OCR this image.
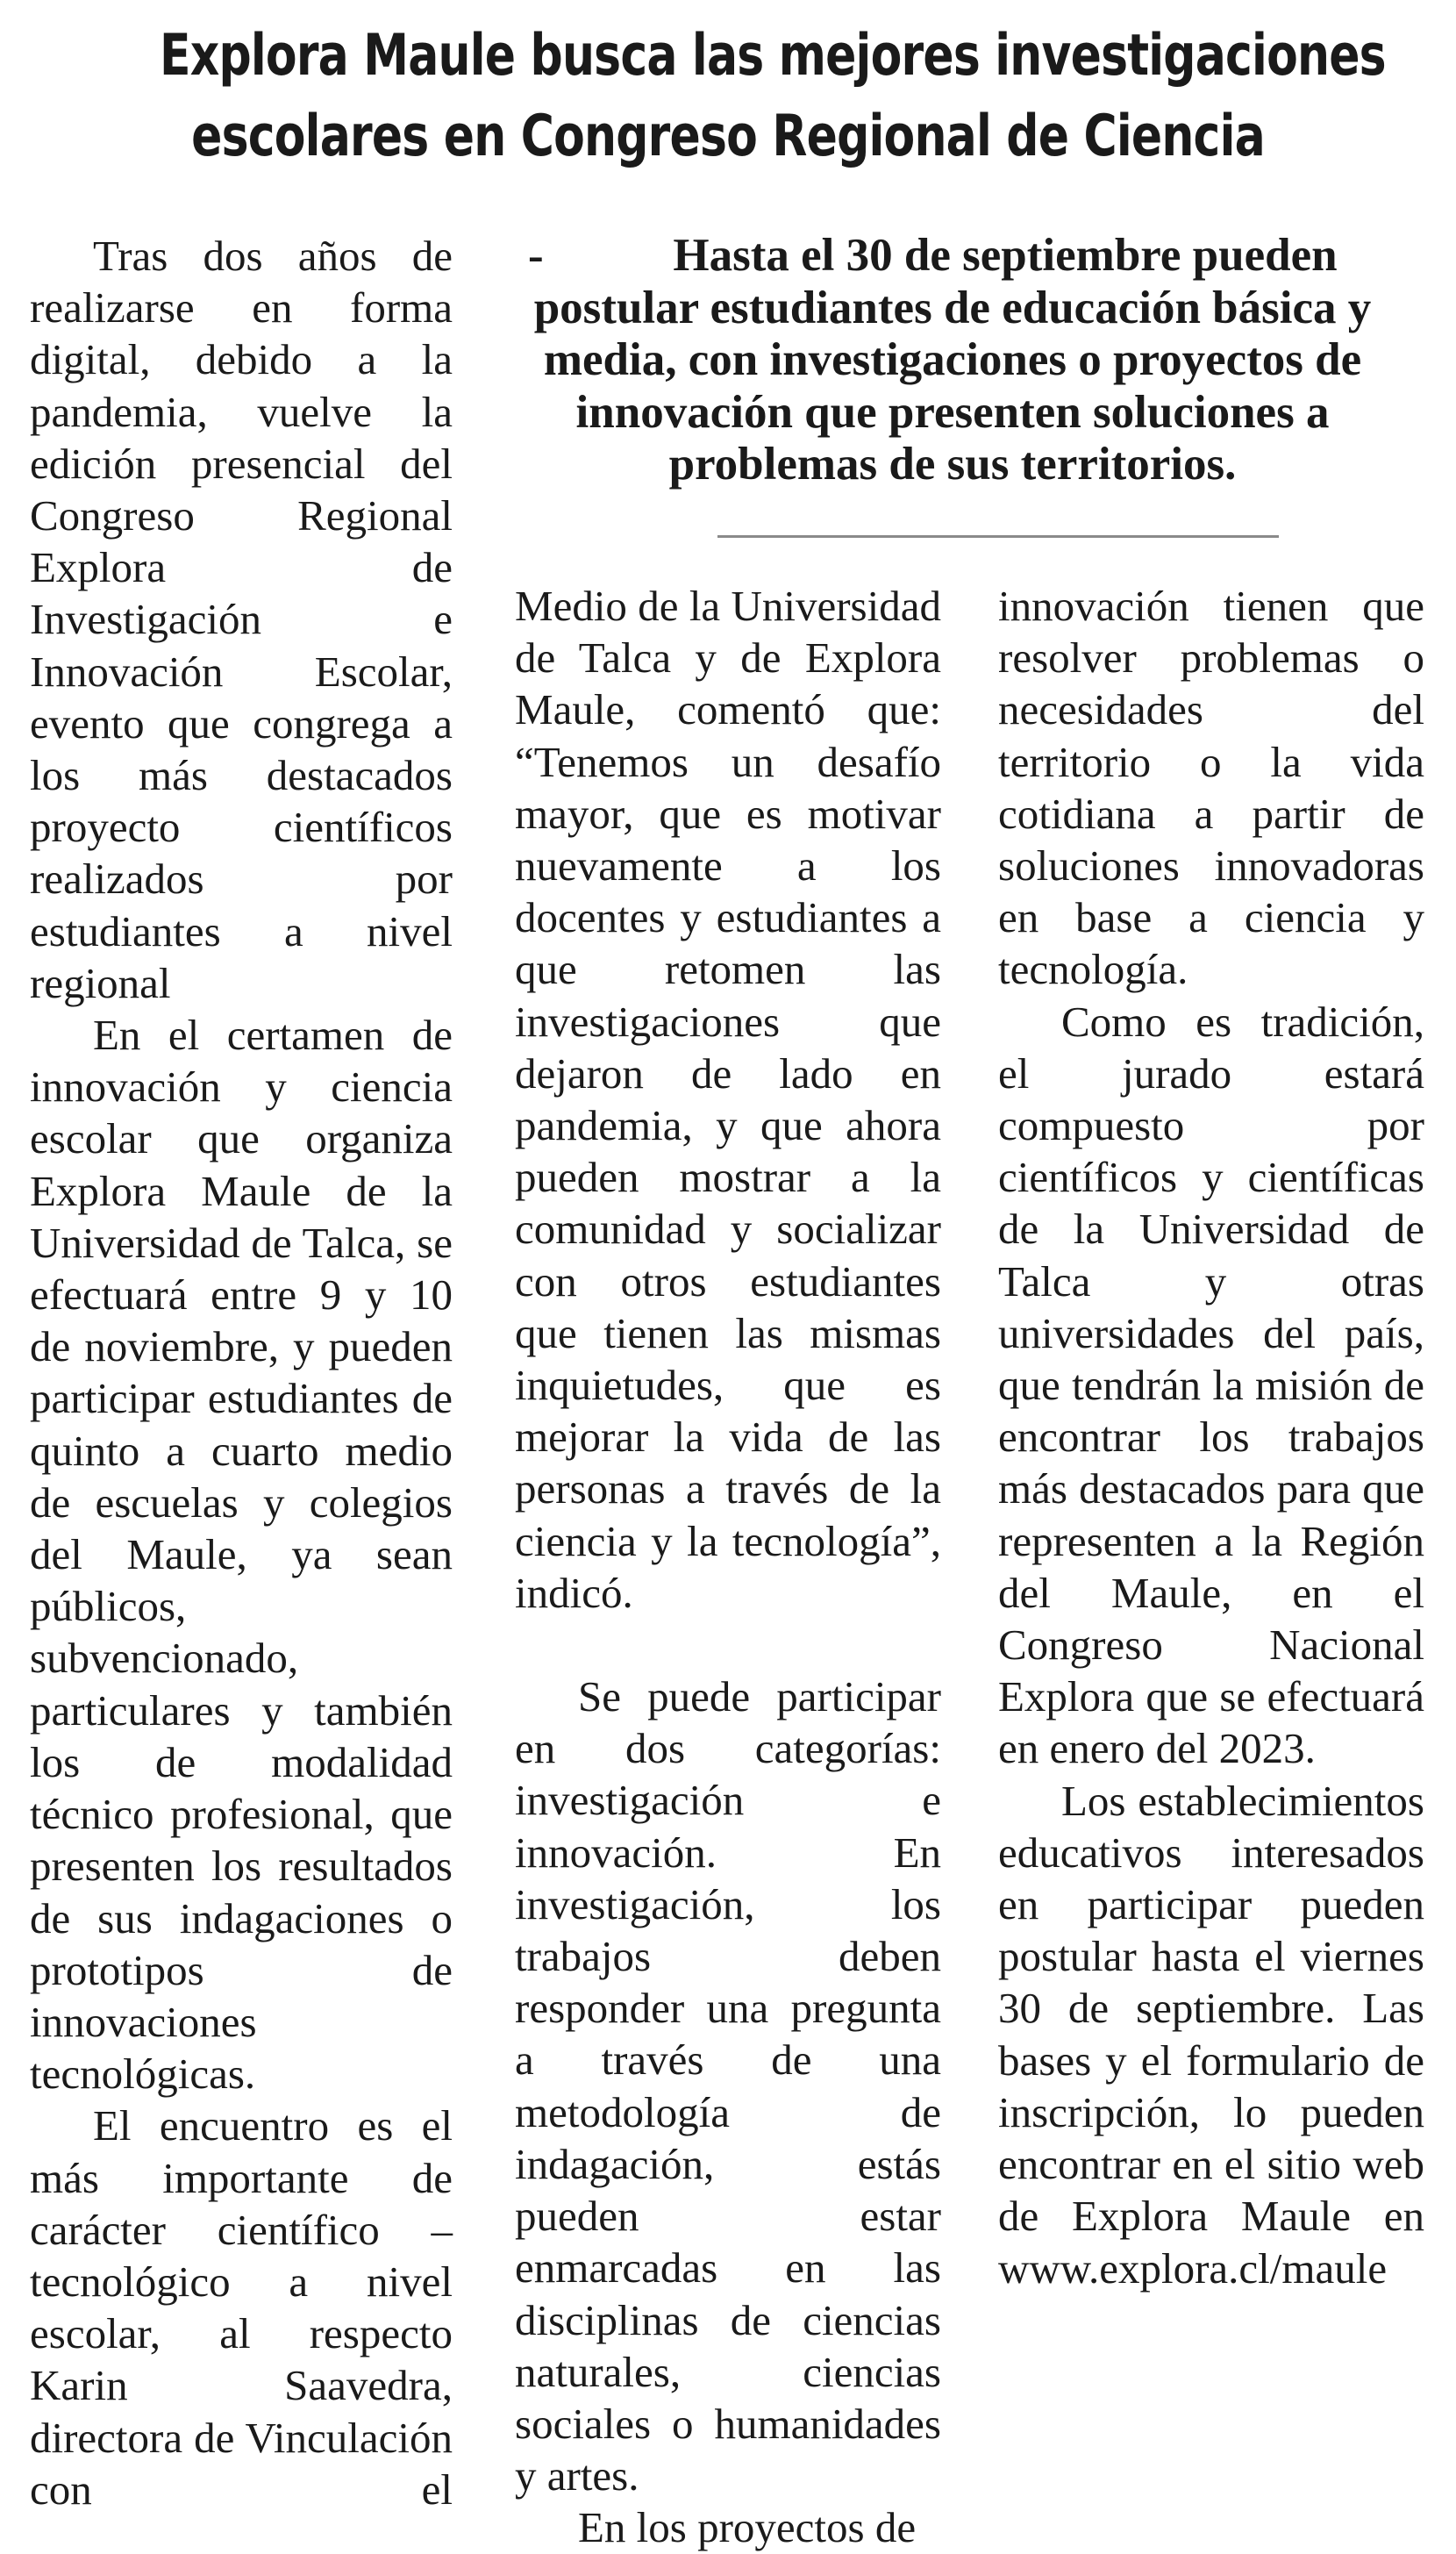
Explora Maule busca las mejores investigaciones
escolares en Congreso Regional de Ciencia
Hasta el 30 de septiembre pueden postular estudiantes de educación básica y media, con investigaciones o proyectos de innovación que presenten soluciones a problemas de sus territorios.
-

Tras dos años de realizarse en forma digital, debido a la pandemia, vuelve la edición presencial del Congreso Regional Explora de Investigación e Innovación Escolar, evento que congrega a los más destacados proyecto científicos realizados por estudiantes a nivel regional

En el certamen de innovación y ciencia escolar que organiza Explora Maule de la Universidad de Talca, se efectuará entre 9 y 10 de noviembre, y pueden participar estudiantes de quinto a cuarto medio de escuelas y colegios del Maule, ya sean públicos, subvencionado, particulares y también los de modalidad técnico profesional, que presenten los resultados de sus indagaciones o prototipos de innovaciones tecnológicas.

El encuentro es el más importante de carácter científico – tecnológico a nivel escolar, al respecto Karin Saavedra, directora de Vinculación con el

Medio de la Universidad de Talca y de Explora Maule, comentó que: “Tenemos un desafío mayor, que es motivar nuevamente a los docentes y estudiantes a que retomen las investigaciones que dejaron de lado en pandemia, y que ahora pueden mostrar a la comunidad y socializar con otros estudiantes que tienen las mismas inquietudes, que es mejorar la vida de las personas a través de la ciencia y la tecnología”, indicó.

Se puede participar en dos categorías: investigación e innovación. En investigación, los trabajos deben responder una pregunta a través de una metodología de indagación, estás pueden estar enmarcadas en las disciplinas de ciencias naturales, ciencias sociales o humanidades y artes.

En los proyectos de

innovación tienen que resolver problemas o necesidades del territorio o la vida cotidiana a partir de soluciones innovadoras en base a ciencia y tecnología.

Como es tradición, el jurado estará compuesto por científicos y científicas de la Universidad de Talca y otras universidades del país, que tendrán la misión de encontrar los trabajos más destacados para que representen a la Región del Maule, en el Congreso Nacional Explora que se efectuará en enero del 2023.

Los establecimientos educativos interesados en participar pueden postular hasta el viernes 30 de septiembre. Las bases y el formulario de inscripción, lo pueden encontrar en el sitio web de Explora Maule en www.explora.cl/maule
